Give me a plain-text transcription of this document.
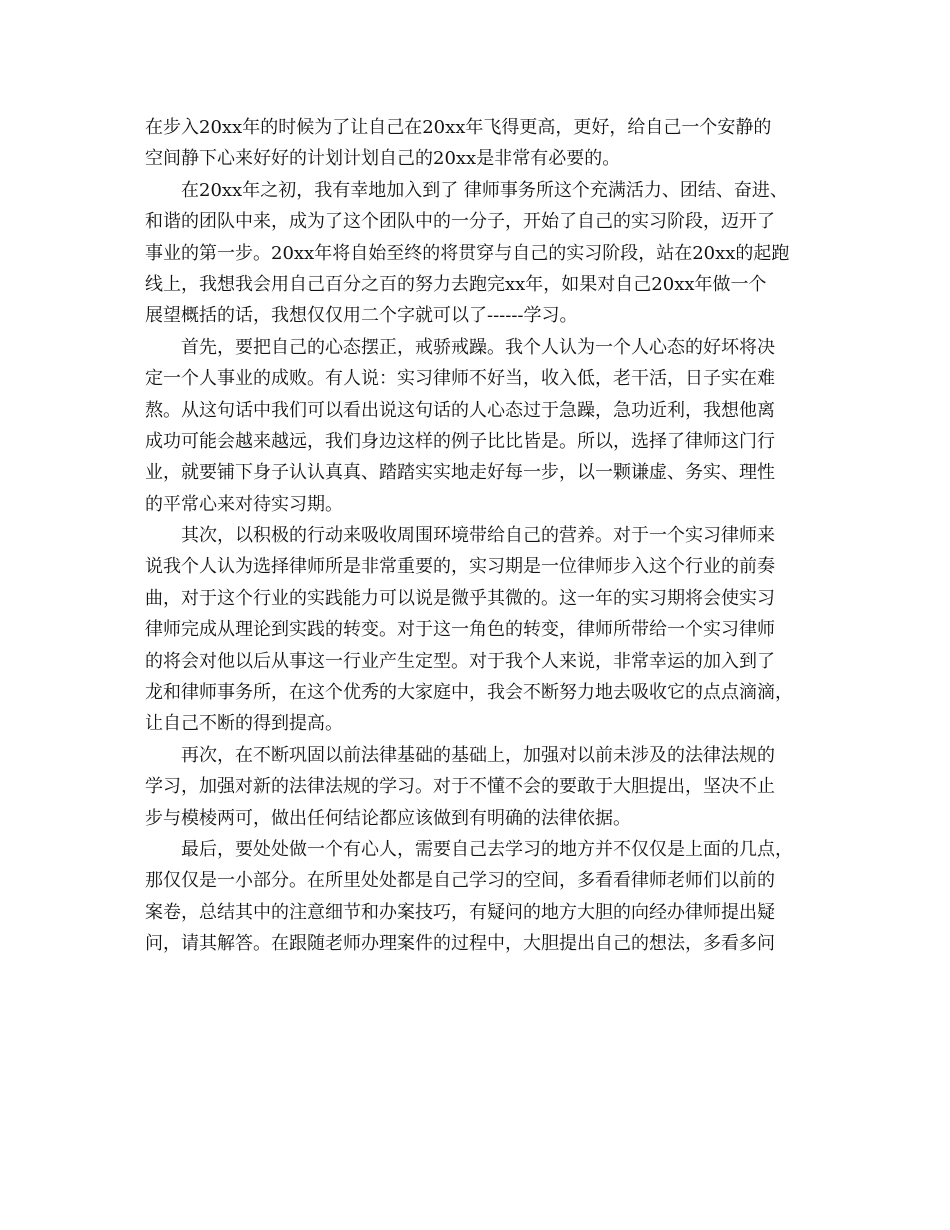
在步入20xx年的时候为了让自己在20xx年飞得更高，更好，给自己一个安静的
空间静下心来好好的计划计划自己的20xx是非常有必要的。
在20xx年之初，我有幸地加入到了 律师事务所这个充满活力、团结、奋进、
和谐的团队中来，成为了这个团队中的一分子，开始了自己的实习阶段，迈开了
事业的第一步。20xx年将自始至终的将贯穿与自己的实习阶段，站在20xx的起跑
线上，我想我会用自己百分之百的努力去跑完xx年，如果对自己20xx年做一个
展望概括的话，我想仅仅用二个字就可以了------学习。
首先，要把自己的心态摆正，戒骄戒躁。我个人认为一个人心态的好坏将决
定一个人事业的成败。有人说：实习律师不好当，收入低，老干活，日子实在难
熬。从这句话中我们可以看出说这句话的人心态过于急躁，急功近利，我想他离
成功可能会越来越远，我们身边这样的例子比比皆是。所以，选择了律师这门行
业，就要铺下身子认认真真、踏踏实实地走好每一步，以一颗谦虚、务实、理性
的平常心来对待实习期。
其次，以积极的行动来吸收周围环境带给自己的营养。对于一个实习律师来
说我个人认为选择律师所是非常重要的，实习期是一位律师步入这个行业的前奏
曲，对于这个行业的实践能力可以说是微乎其微的。这一年的实习期将会使实习
律师完成从理论到实践的转变。对于这一角色的转变，律师所带给一个实习律师
的将会对他以后从事这一行业产生定型。对于我个人来说，非常幸运的加入到了
龙和律师事务所，在这个优秀的大家庭中，我会不断努力地去吸收它的点点滴滴，
让自己不断的得到提高。
再次，在不断巩固以前法律基础的基础上，加强对以前未涉及的法律法规的
学习，加强对新的法律法规的学习。对于不懂不会的要敢于大胆提出，坚决不止
步与模棱两可，做出任何结论都应该做到有明确的法律依据。
最后，要处处做一个有心人，需要自己去学习的地方并不仅仅是上面的几点，
那仅仅是一小部分。在所里处处都是自己学习的空间，多看看律师老师们以前的
案卷，总结其中的注意细节和办案技巧，有疑问的地方大胆的向经办律师提出疑
问，请其解答。在跟随老师办理案件的过程中，大胆提出自己的想法，多看多问
